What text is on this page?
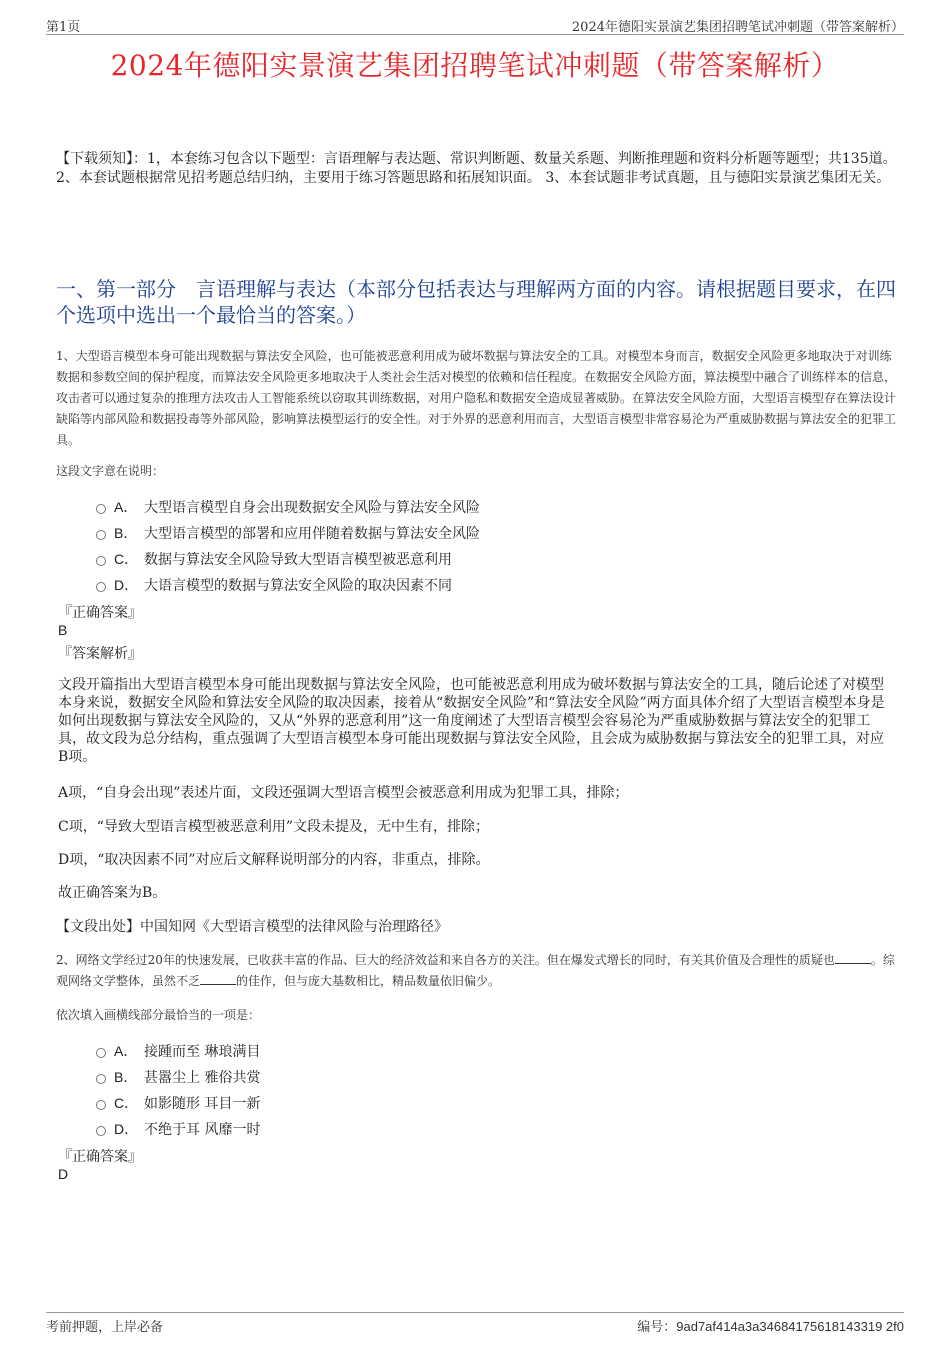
第1页	2024年德阳实景演艺集团招聘笔试冲刺题（带答案解析）
2024年德阳实景演艺集团招聘笔试冲刺题（带答案解析）
【下载须知】：1，本套练习包含以下题型：言语理解与表达题、常识判断题、数量关系题、判断推理题和资料分析题等题型；共135道。 2、本套试题根据常见招考题总结归纳，主要用于练习答题思路和拓展知识面。 3、本套试题非考试真题，且与德阳实景演艺集团无关。
一、第一部分　言语理解与表达（本部分包括表达与理解两方面的内容。请根据题目要求，在四个选项中选出一个最恰当的答案。）
1、大型语言模型本身可能出现数据与算法安全风险，也可能被恶意利用成为破坏数据与算法安全的工具。对模型本身而言，数据安全风险更多地取决于对训练数据和参数空间的保护程度，而算法安全风险更多地取决于人类社会生活对模型的依赖和信任程度。在数据安全风险方面，算法模型中融合了训练样本的信息，攻击者可以通过复杂的推理方法攻击人工智能系统以窃取其训练数据，对用户隐私和数据安全造成显著威胁。在算法安全风险方面，大型语言模型存在算法设计缺陷等内部风险和数据投毒等外部风险，影响算法模型运行的安全性。对于外界的恶意利用而言，大型语言模型非常容易沦为严重威胁数据与算法安全的犯罪工具。
这段文字意在说明：
A． 大型语言模型自身会出现数据安全风险与算法安全风险
B． 大型语言模型的部署和应用伴随着数据与算法安全风险
C． 数据与算法安全风险导致大型语言模型被恶意利用
D． 大语言模型的数据与算法安全风险的取决因素不同
『正确答案』
B
『答案解析』
文段开篇指出大型语言模型本身可能出现数据与算法安全风险，也可能被恶意利用成为破坏数据与算法安全的工具，随后论述了对模型本身来说，数据安全风险和算法安全风险的取决因素，接着从“数据安全风险”和“算法安全风险”两方面具体介绍了大型语言模型本身是如何出现数据与算法安全风险的，又从“外界的恶意利用”这一角度阐述了大型语言模型会容易沦为严重威胁数据与算法安全的犯罪工具，故文段为总分结构，重点强调了大型语言模型本身可能出现数据与算法安全风险，且会成为威胁数据与算法安全的犯罪工具，对应B项。
A项，“自身会出现”表述片面，文段还强调大型语言模型会被恶意利用成为犯罪工具，排除；
C项，“导致大型语言模型被恶意利用”文段未提及，无中生有，排除；
D项，“取决因素不同”对应后文解释说明部分的内容，非重点，排除。
故正确答案为B。
【文段出处】中国知网《大型语言模型的法律风险与治理路径》
2、网络文学经过20年的快速发展，已收获丰富的作品、巨大的经济效益和来自各方的关注。但在爆发式增长的同时，有关其价值及合理性的质疑也	。综观网络文学整体，虽然不乏	的佳作，但与庞大基数相比，精品数量依旧偏少。
依次填入画横线部分最恰当的一项是：
A． 接踵而至 琳琅满目
B． 甚嚣尘上 雅俗共赏
C． 如影随形 耳目一新
D． 不绝于耳 风靡一时
『正确答案』
D
考前押题，上岸必备	编号：9ad7af414a3a34684175618143319 2f0
